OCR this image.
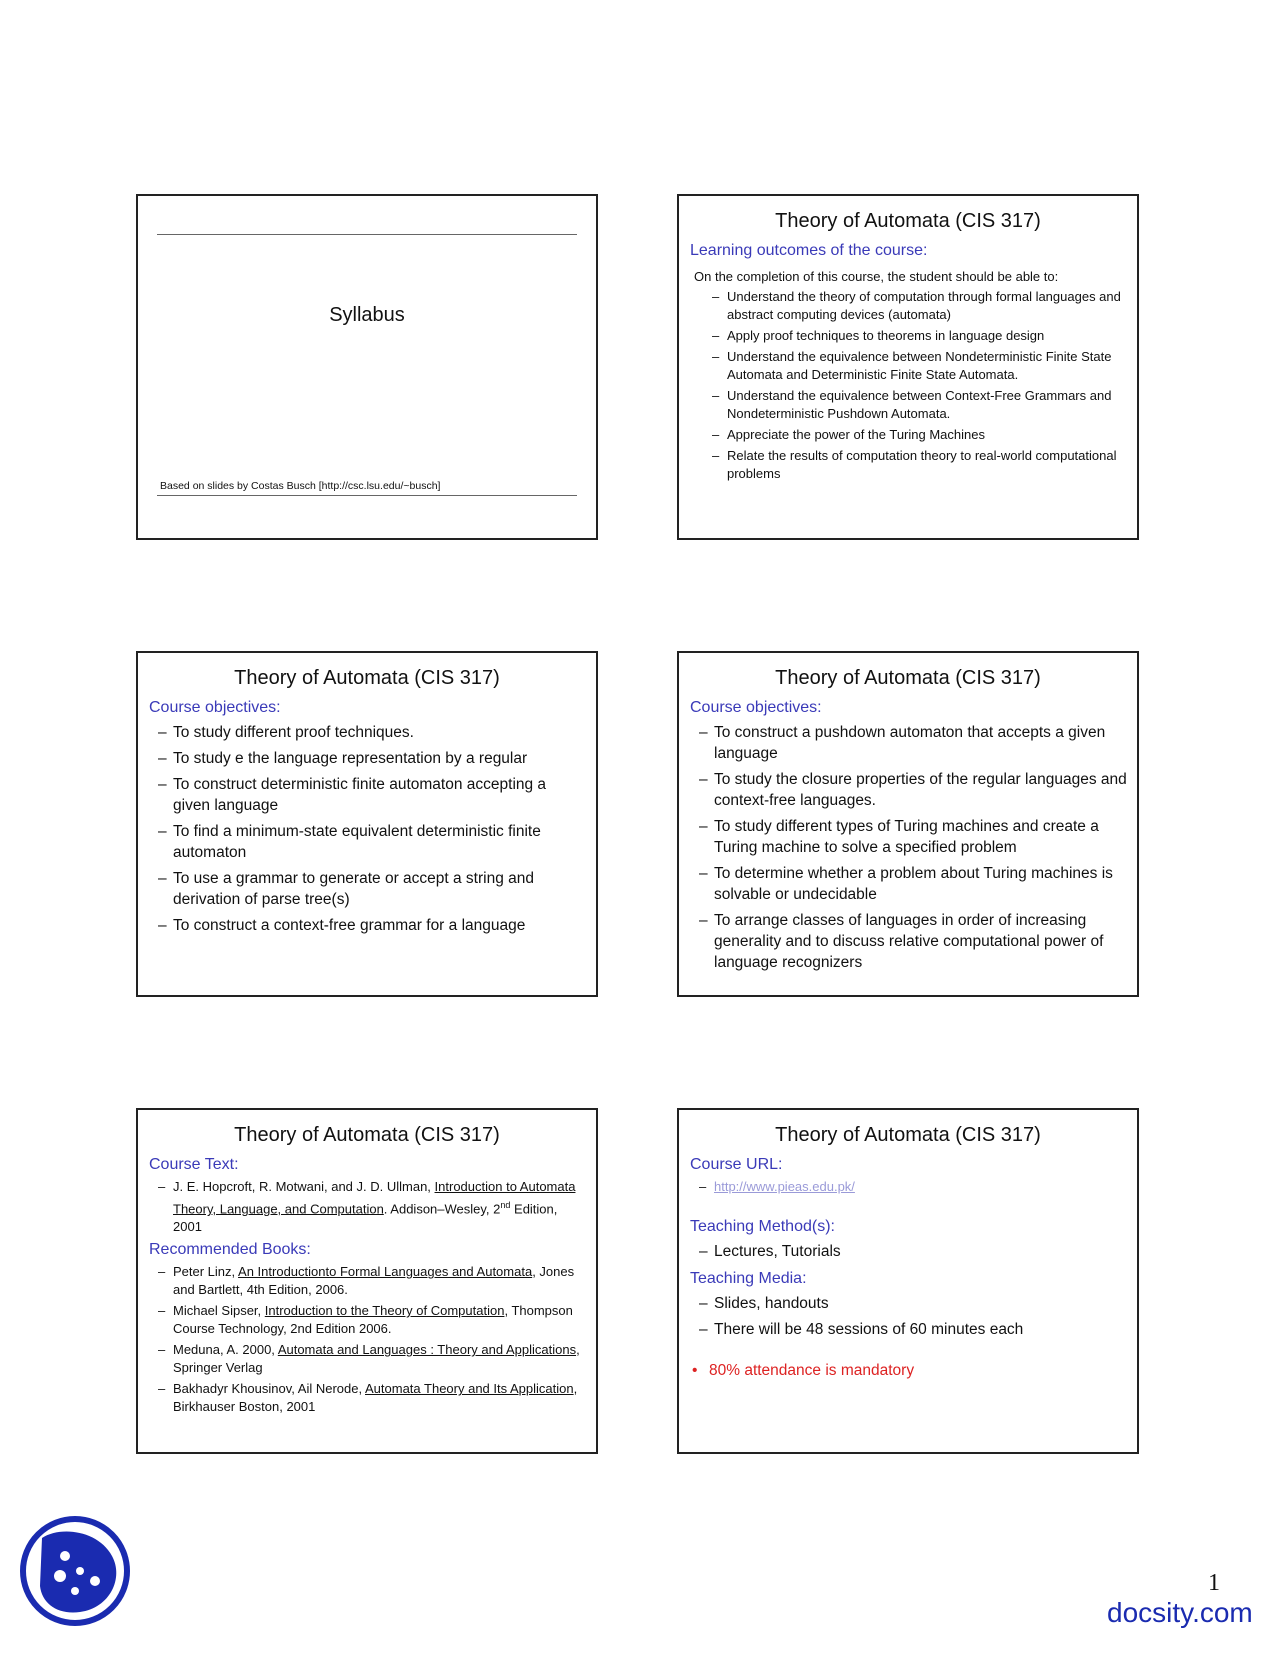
Syllabus
Based on slides by Costas Busch [http://csc.lsu.edu/~busch]
Theory of Automata (CIS 317)
Learning outcomes of the course:
On the completion of this course, the student should be able to:
– Understand the theory of computation through formal languages and abstract computing devices (automata)
– Apply proof techniques to theorems in language design
– Understand the equivalence between Nondeterministic Finite State Automata and Deterministic Finite State Automata.
– Understand the equivalence between Context-Free Grammars and Nondeterministic Pushdown Automata.
– Appreciate the power of the Turing Machines
– Relate the results of computation theory to real-world computational problems
Theory of Automata (CIS 317)
Course objectives:
– To study different proof techniques.
– To study e the language representation by a regular
– To construct deterministic finite automaton accepting a given language
– To find a minimum-state equivalent deterministic finite automaton
– To use a grammar to generate or accept a string and derivation of parse tree(s)
– To construct a context-free grammar for a language
Theory of Automata (CIS 317)
Course objectives:
– To construct a pushdown automaton that accepts a given language
– To study the closure properties of the regular languages and context-free languages.
– To study different types of Turing machines and create a Turing machine to solve a specified problem
– To determine whether a problem about Turing machines is solvable or undecidable
– To arrange classes of languages in order of increasing generality and to discuss relative computational power of language recognizers
Theory of Automata (CIS 317)
Course Text:
– J. E. Hopcroft, R. Motwani, and J. D. Ullman, Introduction to Automata Theory, Language, and Computation. Addison–Wesley, 2nd Edition, 2001
Recommended Books:
– Peter Linz, An Introductionto Formal Languages and Automata, Jones and Bartlett, 4th Edition, 2006.
– Michael Sipser, Introduction to the Theory of Computation, Thompson Course Technology, 2nd Edition 2006.
– Meduna, A. 2000, Automata and Languages : Theory and Applications, Springer Verlag
– Bakhadyr Khousinov, Ail Nerode, Automata Theory and Its Application, Birkhauser Boston, 2001
Theory of Automata (CIS 317)
Course URL:
– http://www.pieas.edu.pk/
Teaching Method(s):
– Lectures, Tutorials
Teaching Media:
– Slides, handouts
– There will be 48 sessions of 60 minutes each
• 80% attendance is mandatory
1
docsity.com
